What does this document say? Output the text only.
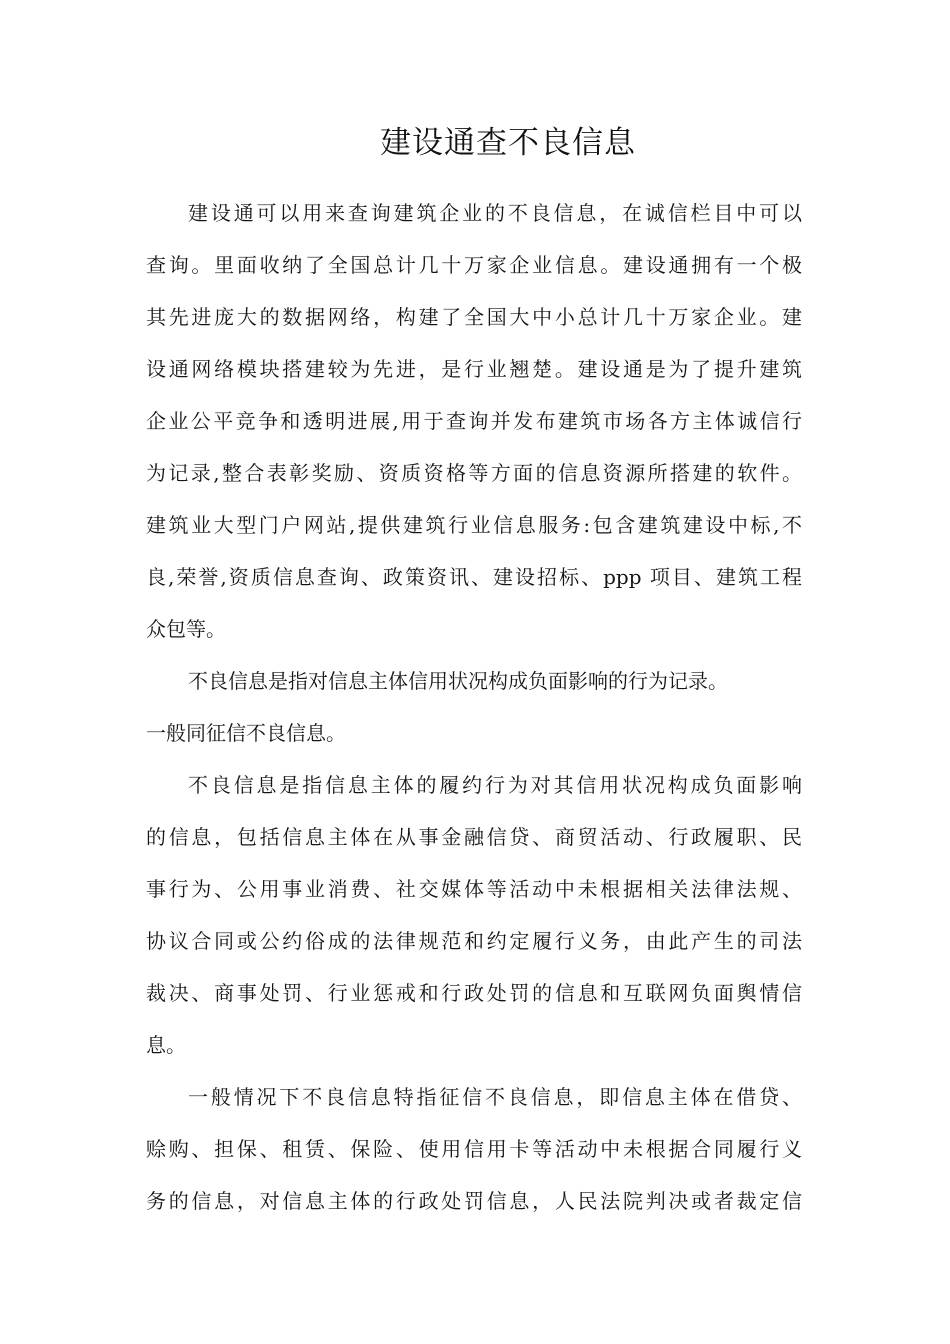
建设通查不良信息
建设通可以用来查询建筑企业的不良信息，在诚信栏目中可以
查询。里面收纳了全国总计几十万家企业信息。建设通拥有一个极
其先进庞大的数据网络，构建了全国大中小总计几十万家企业。建
设通网络模块搭建较为先进，是行业翘楚。建设通是为了提升建筑
企业公平竞争和透明进展,用于查询并发布建筑市场各方主体诚信行
为记录,整合表彰奖励、资质资格等方面的信息资源所搭建的软件。
建筑业大型门户网站,提供建筑行业信息服务:包含建筑建设中标,不
良,荣誉,资质信息查询、政策资讯、建设招标、ppp 项目、建筑工程
众包等。
不良信息是指对信息主体信用状况构成负面影响的行为记录。
一般同征信不良信息。
不良信息是指信息主体的履约行为对其信用状况构成负面影响
的信息，包括信息主体在从事金融信贷、商贸活动、行政履职、民
事行为、公用事业消费、社交媒体等活动中未根据相关法律法规、
协议合同或公约俗成的法律规范和约定履行义务，由此产生的司法
裁决、商事处罚、行业惩戒和行政处罚的信息和互联网负面舆情信
息。
一般情况下不良信息特指征信不良信息，即信息主体在借贷、
赊购、担保、租赁、保险、使用信用卡等活动中未根据合同履行义
务的信息，对信息主体的行政处罚信息，人民法院判决或者裁定信
